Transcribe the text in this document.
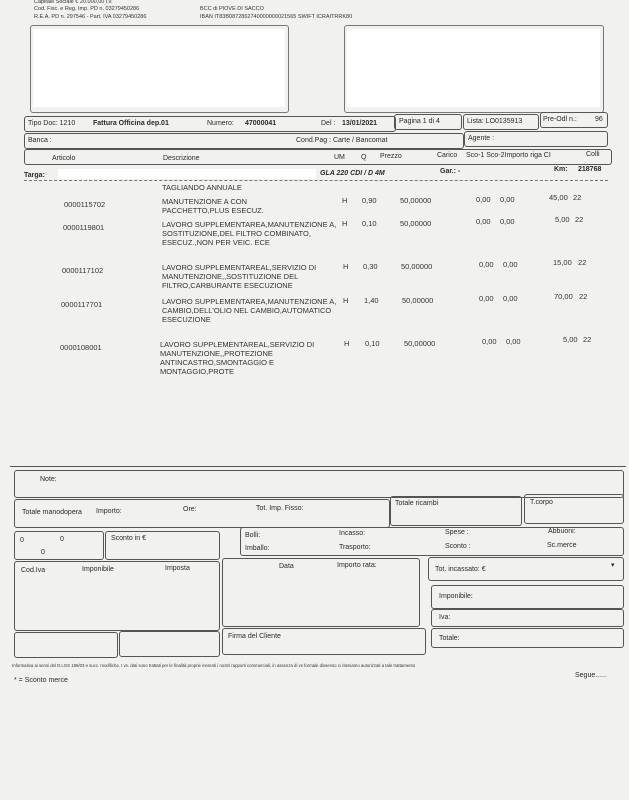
Capitale Sociale € 20.000,00 i.v.
Cod. Fisc. e Reg. Imp. PD n. 03279450286
R.E.A. PD n. 297546 - Part. IVA 03279450286
BCC di PIOVE DI SACCO
IBAN IT83B0872862740000000021565 SWIFT ICRAITRRK80
Tipo Doc: 1210	Fattura Officina dep.01	Numero: 47000041	Del : 13/01/2021	Pagina 1 di 4	Lista: LO0135913	Pre-Odl n.:	96
Banca :	Cond.Pag : Carte / Bancomat	Agente :
Articolo	Descrizione	UM Q Prezzo	Carico Sco-1 Sco-2Importo riga CI	Colli
Targa:	GLA 220 CDI / D 4M	Gar.: -	Km: 218768
TAGLIANDO ANNUALE
0000115702	MANUTENZIONE A CON PACCHETTO,PLUS ESECUZ.
H 0,90	50,00000	0,00 0,00	45,00 22
0000119801	LAVORO SUPPLEMENTAREA,MANUTENZIONE A, SOSTITUZIONE,DEL FILTRO COMBINATO, ESECUZ.,NON PER VEIC. ECE
H 0,10	50,00000	0,00 0,00	5,00 22
0000117102	LAVORO SUPPLEMENTAREAL,SERVIZIO DI MANUTENZIONE,,SOSTITUZIONE DEL FILTRO,CARBURANTE ESECUZIONE
H 0,30	50,00000	0,00 0,00	15,00 22
0000117701	LAVORO SUPPLEMENTAREA,MANUTENZIONE A, CAMBIO,DELL'OLIO NEL CAMBIO,AUTOMATICO ESECUZIONE
H 1,40	50,00000	0,00 0,00	70,00 22
0000108001	LAVORO SUPPLEMENTAREAL,SERVIZIO DI MANUTENZIONE,,PROTEZIONE ANTINCASTRO,SMONTAGGIO E MONTAGGIO,PROTE
H 0,10	50,00000	0,00 0,00	5,00 22
Note:
Totale manodopera Importo:	Ore:	Tot. Imp. Fisso:
Totale ricambi	T.corpo
0	0
0
Sconto in €	Bolli:
Imballo:
Incasso:
Trasporto:
Spese :
Sconto :
Abbuoni:
Sc.merce
Cod.Iva	Imponibile	Imposta	Data	Importo rata:
Tot. incassato: €
▾
Imponibile:
Iva:
Totale:
Firma del Cliente
Informativa ai sensi del D.LGS 196/03 e succ. modifiche. I vs. dati sono trattati per le finalità proprie inerenti i nostri rapporti commerciali, in assenza di vs formale dissenso ci riteniamo autorizzati a tale trattamento
* = Sconto merce
Segue......
